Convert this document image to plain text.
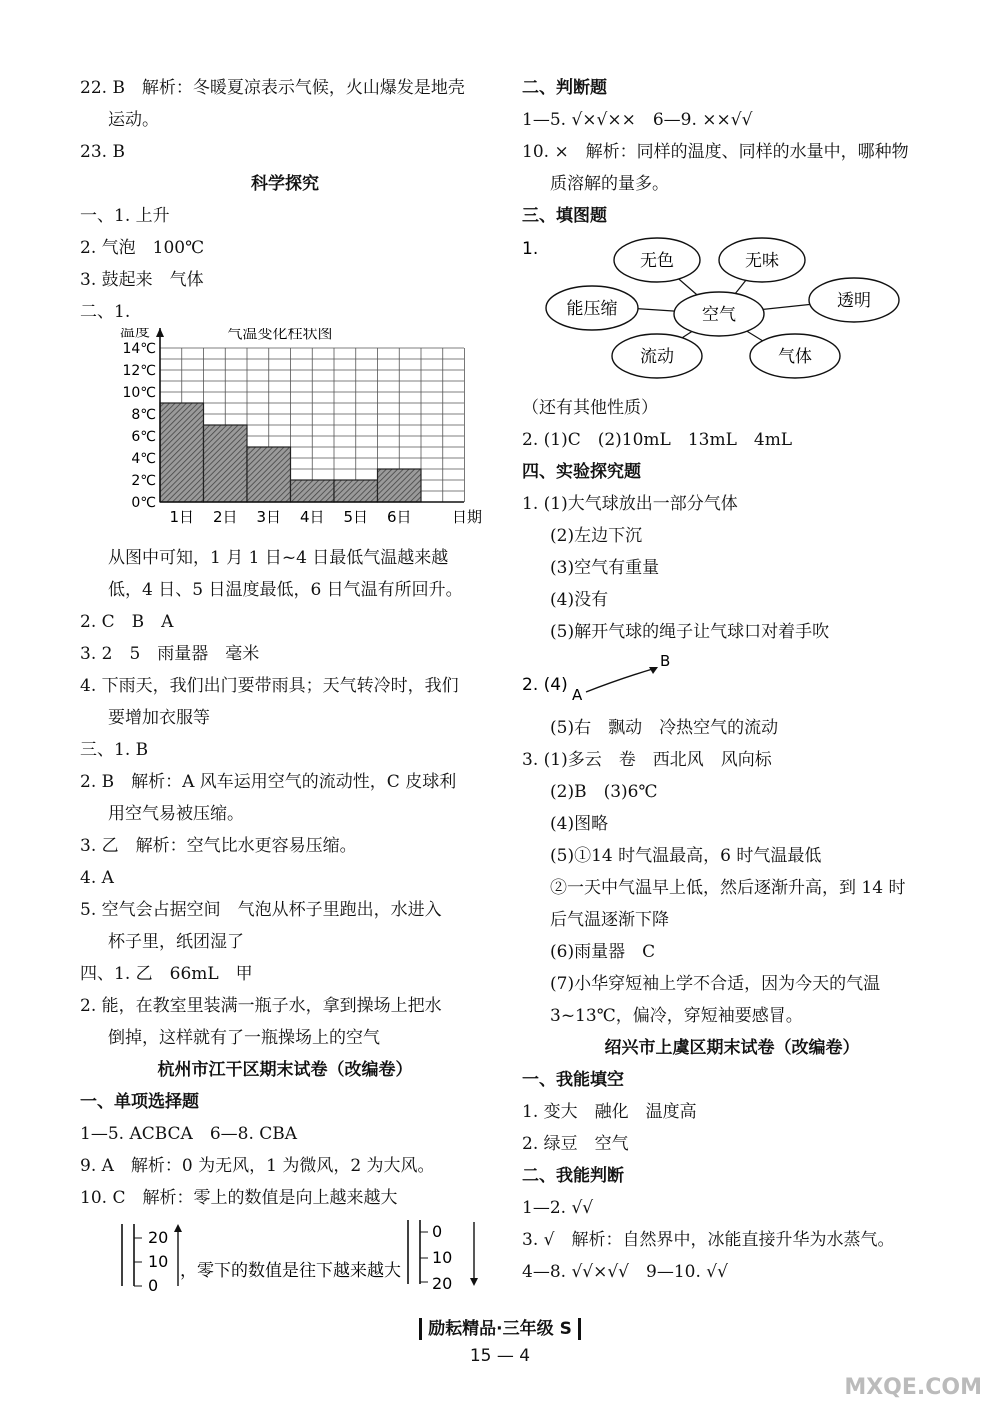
22. B　解析：冬暖夏凉表示气候，火山爆发是地壳
运动。
23. B
科学探究
一、1. 上升
2. 气泡　100℃
3. 鼓起来　气体
二、1.
气温变化柱状图
温度
日期
0℃
2℃
4℃
6℃
8℃
10℃
12℃
14℃
1日 2日 3日 4日 5日 6日
从图中可知，1 月 1 日~4 日最低气温越来越
低，4 日、5 日温度最低，6 日气温有所回升。
2. C　B　A
3. 2　5　雨量器　毫米
4. 下雨天，我们出门要带雨具；天气转冷时，我们
要增加衣服等
三、1. B
2. B　解析：A 风车运用空气的流动性，C 皮球利
用空气易被压缩。
3. 乙　解析：空气比水更容易压缩。
4. A
5. 空气会占据空间　气泡从杯子里跑出，水进入
杯子里，纸团湿了
四、1. 乙　66mL　甲
2. 能，在教室里装满一瓶子水，拿到操场上把水
倒掉，这样就有了一瓶操场上的空气
杭州市江干区期末试卷（改编卷）
一、单项选择题
1—5. ACBCA　6—8. CBA
9. A　解析：0 为无风，1 为微风，2 为大风。
10. C　解析：零上的数值是向上越来越大
20
10
0
，零下的数值是往下越来越大
0
10
20
二、判断题
1—5. √×√××　6—9. ××√√
10. ×　解析：同样的温度、同样的水量中，哪种物
质溶解的量多。
三、填图题
1.
空气
无色	无味
能压缩	透明
流动	气体
（还有其他性质）
2. (1)C　(2)10mL　13mL　4mL
四、实验探究题
1. (1)大气球放出一部分气体
(2)左边下沉
(3)空气有重量
(4)没有
(5)解开气球的绳子让气球口对着手吹
2. (4) A
B
(5)右　飘动　冷热空气的流动
3. (1)多云　卷　西北风　风向标
(2)B　(3)6℃
(4)图略
(5)①14 时气温最高，6 时气温最低
②一天中气温早上低，然后逐渐升高，到 14 时
后气温逐渐下降
(6)雨量器　C
(7)小华穿短袖上学不合适，因为今天的气温
3~13℃，偏冷，穿短袖要感冒。
绍兴市上虞区期末试卷（改编卷）
一、我能填空
1. 变大　融化　温度高
2. 绿豆　空气
二、我能判断
1—2. √√
3. √　解析：自然界中，冰能直接升华为水蒸气。
4—8. √√×√√　9—10. √√
励耘精品·三年级 S
15 — 4
MXQE.COM
